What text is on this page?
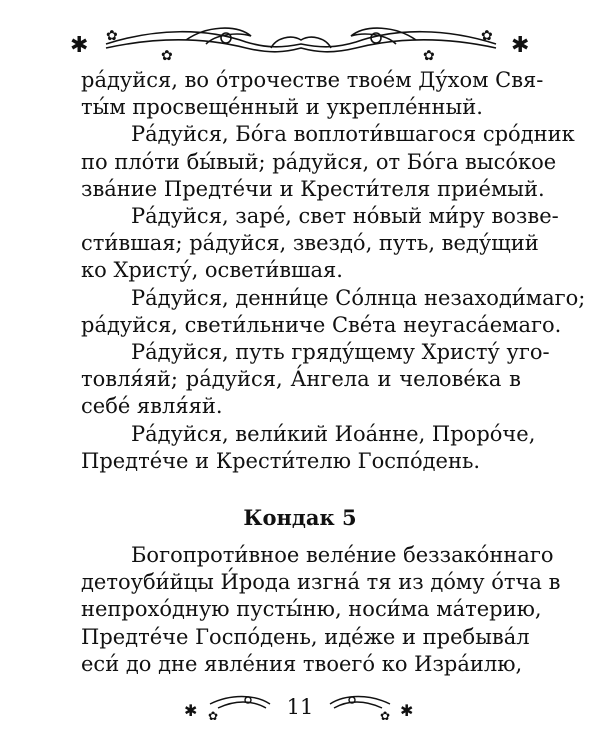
✱ ✿
✿	✿
✿ ✱
ра́дуйся, во о́трочестве твое́м Ду́хом Свя-
ты́м просвеще́нный и укрепле́нный.
Ра́дуйся, Бо́га воплоти́вшагося сро́дник
по пло́ти бы́вый; ра́дуйся, от Бо́га высо́кое
зва́ние Предте́чи и Крести́теля прие́мый.
Ра́дуйся, заре́, свет но́вый ми́ру возве-
сти́вшая; ра́дуйся, звездо́, путь, веду́щий
ко Христу́, освети́вшая.
Ра́дуйся, денни́це Со́лнца незаходи́маго;
ра́дуйся, свети́льниче Све́та неугаса́емаго.
Ра́дуйся, путь гряду́щему Христу́ уго-
товля́яй; ра́дуйся, А́нгела и челове́ка в
себе́ явля́яй.
Ра́дуйся, вели́кий Иоа́нне, Проро́че,
Предте́че и Крести́телю Госпо́день.
Кондак 5
Богопроти́вное веле́ние беззако́ннаго
детоуби́йцы И́рода изгна́ тя из до́му о́тча в
непрохо́дную пусты́ню, носи́ма ма́терию,
Предте́че Госпо́день, иде́же и пребыва́л
еси́ до дне явле́ния твоего́ ко Изра́илю,
✱ ✿	✿ ✱
11
